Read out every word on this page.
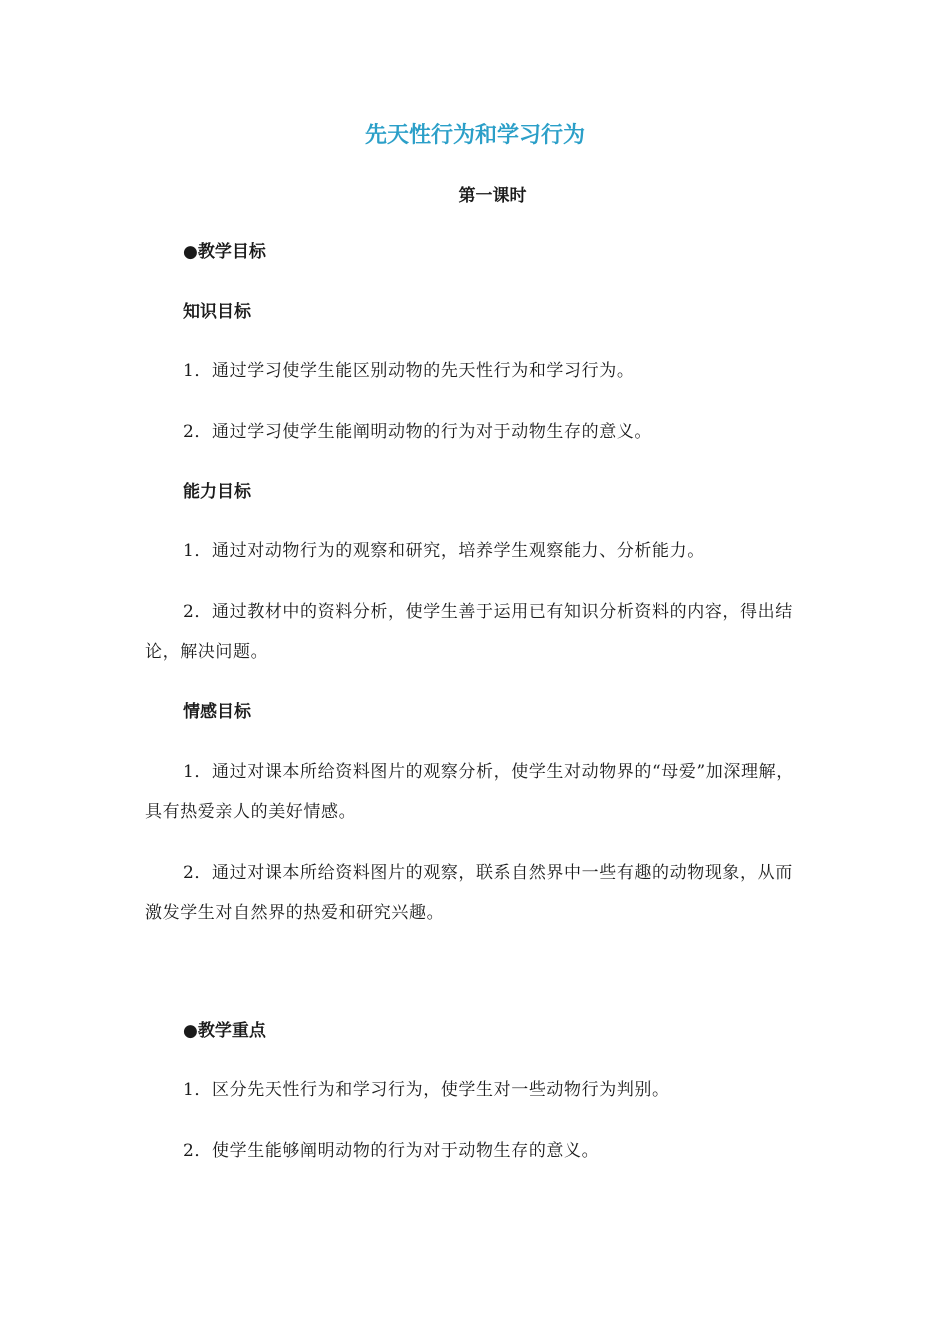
先天性行为和学习行为
第一课时
●教学目标
知识目标
1．通过学习使学生能区别动物的先天性行为和学习行为。
2．通过学习使学生能阐明动物的行为对于动物生存的意义。
能力目标
1．通过对动物行为的观察和研究，培养学生观察能力、分析能力。
2．通过教材中的资料分析，使学生善于运用已有知识分析资料的内容，得出结论，解决问题。
情感目标
1．通过对课本所给资料图片的观察分析，使学生对动物界的“母爱”加深理解，具有热爱亲人的美好情感。
2．通过对课本所给资料图片的观察，联系自然界中一些有趣的动物现象，从而激发学生对自然界的热爱和研究兴趣。
●教学重点
1．区分先天性行为和学习行为，使学生对一些动物行为判别。
2．使学生能够阐明动物的行为对于动物生存的意义。
